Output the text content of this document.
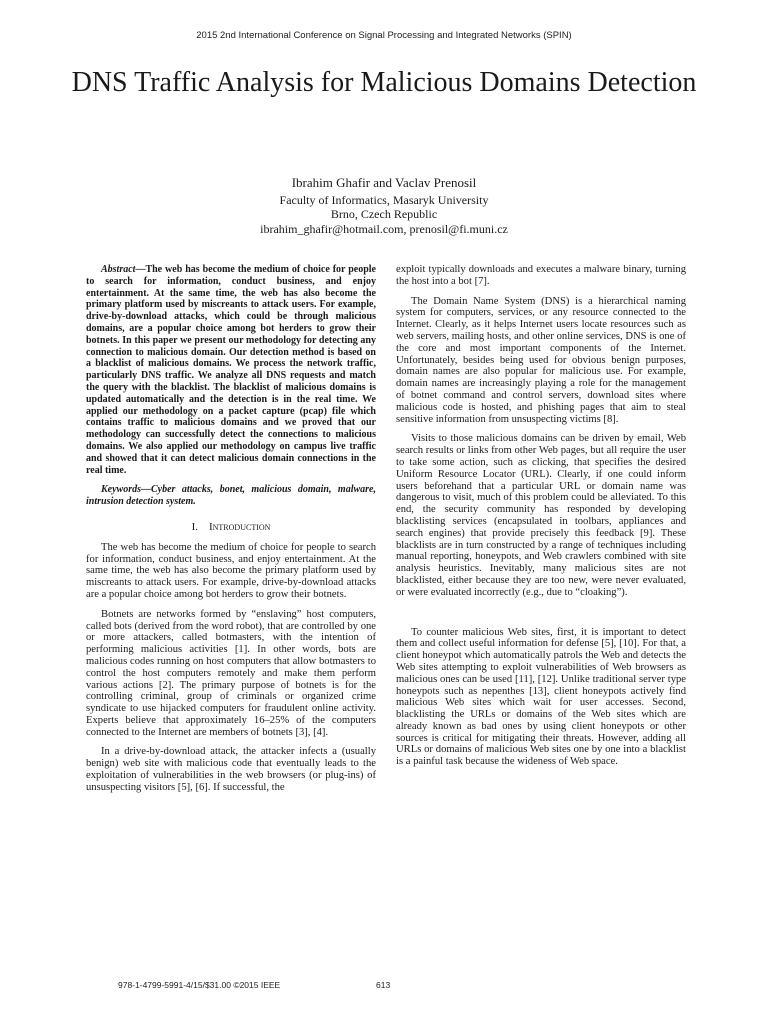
2015 2nd International Conference on Signal Processing and Integrated Networks (SPIN)
DNS Traffic Analysis for Malicious Domains Detection
Ibrahim Ghafir and Vaclav Prenosil
Faculty of Informatics, Masaryk University
Brno, Czech Republic
ibrahim_ghafir@hotmail.com, prenosil@fi.muni.cz

Abstract—The web has become the medium of choice for people to search for information, conduct business, and enjoy entertainment. At the same time, the web has also become the primary platform used by miscreants to attack users. For example, drive-by-download attacks, which could be through malicious domains, are a popular choice among bot herders to grow their botnets. In this paper we present our methodology for detecting any connection to malicious domain. Our detection method is based on a blacklist of malicious domains. We process the network traffic, particularly DNS traffic. We analyze all DNS requests and match the query with the blacklist. The blacklist of malicious domains is updated automatically and the detection is in the real time. We applied our methodology on a packet capture (pcap) file which contains traffic to malicious domains and we proved that our methodology can successfully detect the connections to malicious domains. We also applied our methodology on campus live traffic and showed that it can detect malicious domain connections in the real time.

Keywords—Cyber attacks, bonet, malicious domain, malware, intrusion detection system.

I. Introduction

The web has become the medium of choice for people to search for information, conduct business, and enjoy entertainment. At the same time, the web has also become the primary platform used by miscreants to attack users. For example, drive-by-download attacks are a popular choice among bot herders to grow their botnets.

Botnets are networks formed by “enslaving” host computers, called bots (derived from the word robot), that are controlled by one or more attackers, called botmasters, with the intention of performing malicious activities [1]. In other words, bots are malicious codes running on host computers that allow botmasters to control the host computers remotely and make them perform various actions [2]. The primary purpose of botnets is for the controlling criminal, group of criminals or organized crime syndicate to use hijacked computers for fraudulent online activity. Experts believe that approximately 16–25% of the computers connected to the Internet are members of botnets [3], [4].

In a drive-by-download attack, the attacker infects a (usually benign) web site with malicious code that eventually leads to the exploitation of vulnerabilities in the web browsers (or plug-ins) of unsuspecting visitors [5], [6]. If successful, the

exploit typically downloads and executes a malware binary, turning the host into a bot [7].

The Domain Name System (DNS) is a hierarchical naming system for computers, services, or any resource connected to the Internet. Clearly, as it helps Internet users locate resources such as web servers, mailing hosts, and other online services, DNS is one of the core and most important components of the Internet. Unfortunately, besides being used for obvious benign purposes, domain names are also popular for malicious use. For example, domain names are increasingly playing a role for the management of botnet command and control servers, download sites where malicious code is hosted, and phishing pages that aim to steal sensitive information from unsuspecting victims [8].

Visits to those malicious domains can be driven by email, Web search results or links from other Web pages, but all require the user to take some action, such as clicking, that specifies the desired Uniform Resource Locator (URL). Clearly, if one could inform users beforehand that a particular URL or domain name was dangerous to visit, much of this problem could be alleviated. To this end, the security community has responded by developing blacklisting services (encapsulated in toolbars, appliances and search engines) that provide precisely this feedback [9]. These blacklists are in turn constructed by a range of techniques including manual reporting, honeypots, and Web crawlers combined with site analysis heuristics. Inevitably, many malicious sites are not blacklisted, either because they are too new, were never evaluated, or were evaluated incorrectly (e.g., due to “cloaking”).

To counter malicious Web sites, first, it is important to detect them and collect useful information for defense [5], [10]. For that, a client honeypot which automatically patrols the Web and detects the Web sites attempting to exploit vulnerabilities of Web browsers as malicious ones can be used [11], [12]. Unlike traditional server type honeypots such as nepenthes [13], client honeypots actively find malicious Web sites which wait for user accesses. Second, blacklisting the URLs or domains of the Web sites which are already known as bad ones by using client honeypots or other sources is critical for mitigating their threats. However, adding all URLs or domains of malicious Web sites one by one into a blacklist is a painful task because the wideness of Web space.

978-1-4799-5991-4/15/$31.00 ©2015 IEEE	613
